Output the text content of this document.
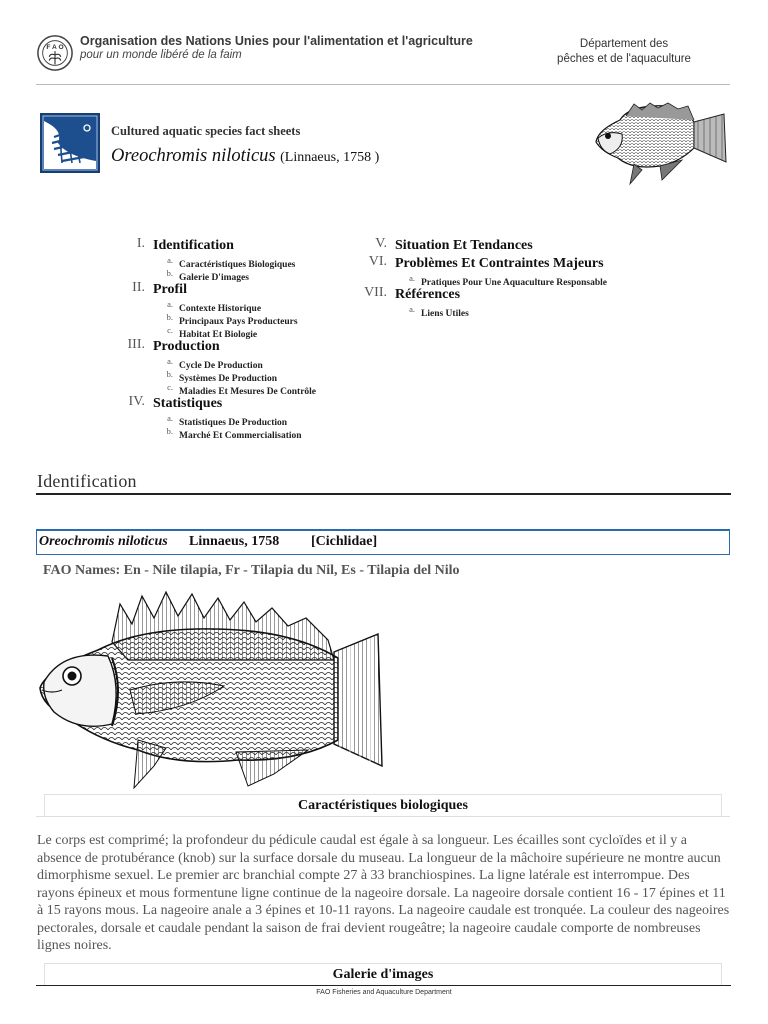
F A O Organisation des Nations Unies pour l'alimentation et l'agriculture
pour un monde libéré de la faim
Département des
pêches et de l'aquaculture
Cultured aquatic species fact sheets
Oreochromis niloticus (Linnaeus, 1758 )
I. Identification
a. Caractéristiques Biologiques
b. Galerie D'images
II. Profil
a. Contexte Historique
b. Principaux Pays Producteurs
c. Habitat Et Biologie
III. Production
a. Cycle De Production
b. Systèmes De Production
c. Maladies Et Mesures De Contrôle
IV. Statistiques
a. Statistiques De Production
b. Marché Et Commercialisation
V. Situation Et Tendances
VI. Problèmes Et Contraintes Majeurs
a. Pratiques Pour Une Aquaculture Responsable
VII. Références
a. Liens Utiles
Identification
Oreochromis niloticus Linnaeus, 1758 [Cichlidae]
FAO Names: En - Nile tilapia, Fr - Tilapia du Nil, Es - Tilapia del Nilo
Caractéristiques biologiques
Le corps est comprimé; la profondeur du pédicule caudal est égale à sa longueur. Les écailles sont cycloïdes et il y a absence de protubérance (knob) sur la surface dorsale du museau. La longueur de la mâchoire supérieure ne montre aucun dimorphisme sexuel. Le premier arc branchial compte 27 à 33 branchiospines. La ligne latérale est interrompue. Des rayons épineux et mous formentune ligne continue de la nageoire dorsale. La nageoire dorsale contient 16 - 17 épines et 11 à 15 rayons mous. La nageoire anale a 3 épines et 10-11 rayons. La nageoire caudale est tronquée. La couleur des nageoires pectorales, dorsale et caudale pendant la saison de frai devient rougeâtre; la nageoire caudale comporte de nombreuses lignes noires.
Galerie d'images
FAO Fisheries and Aquaculture Department
